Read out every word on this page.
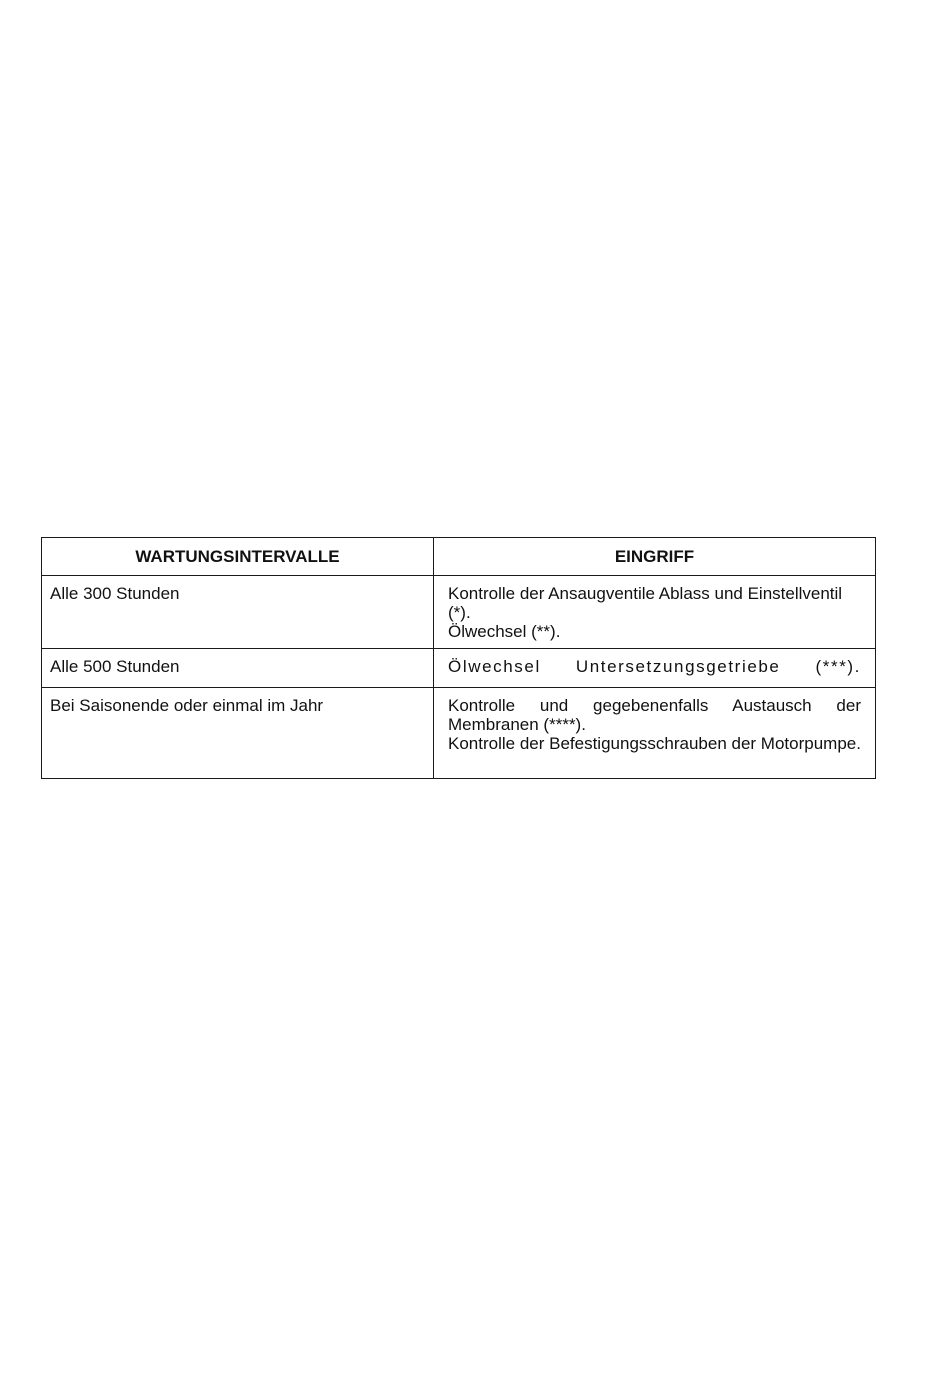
WARTUNGSINTERVALLE	EINGRIFF
Alle 300 Stunden	Kontrolle der Ansaugventile Ablass und Einstellventil (*).
Ölwechsel (**).

Alle 500 Stunden	Ölwechsel Untersetzungsgetriebe (***).

Bei Saisonende oder einmal im Jahr	Kontrolle und gegebenenfalls Austausch der Membranen (****).
Kontrolle der Befestigungsschrauben der Motorpumpe.
